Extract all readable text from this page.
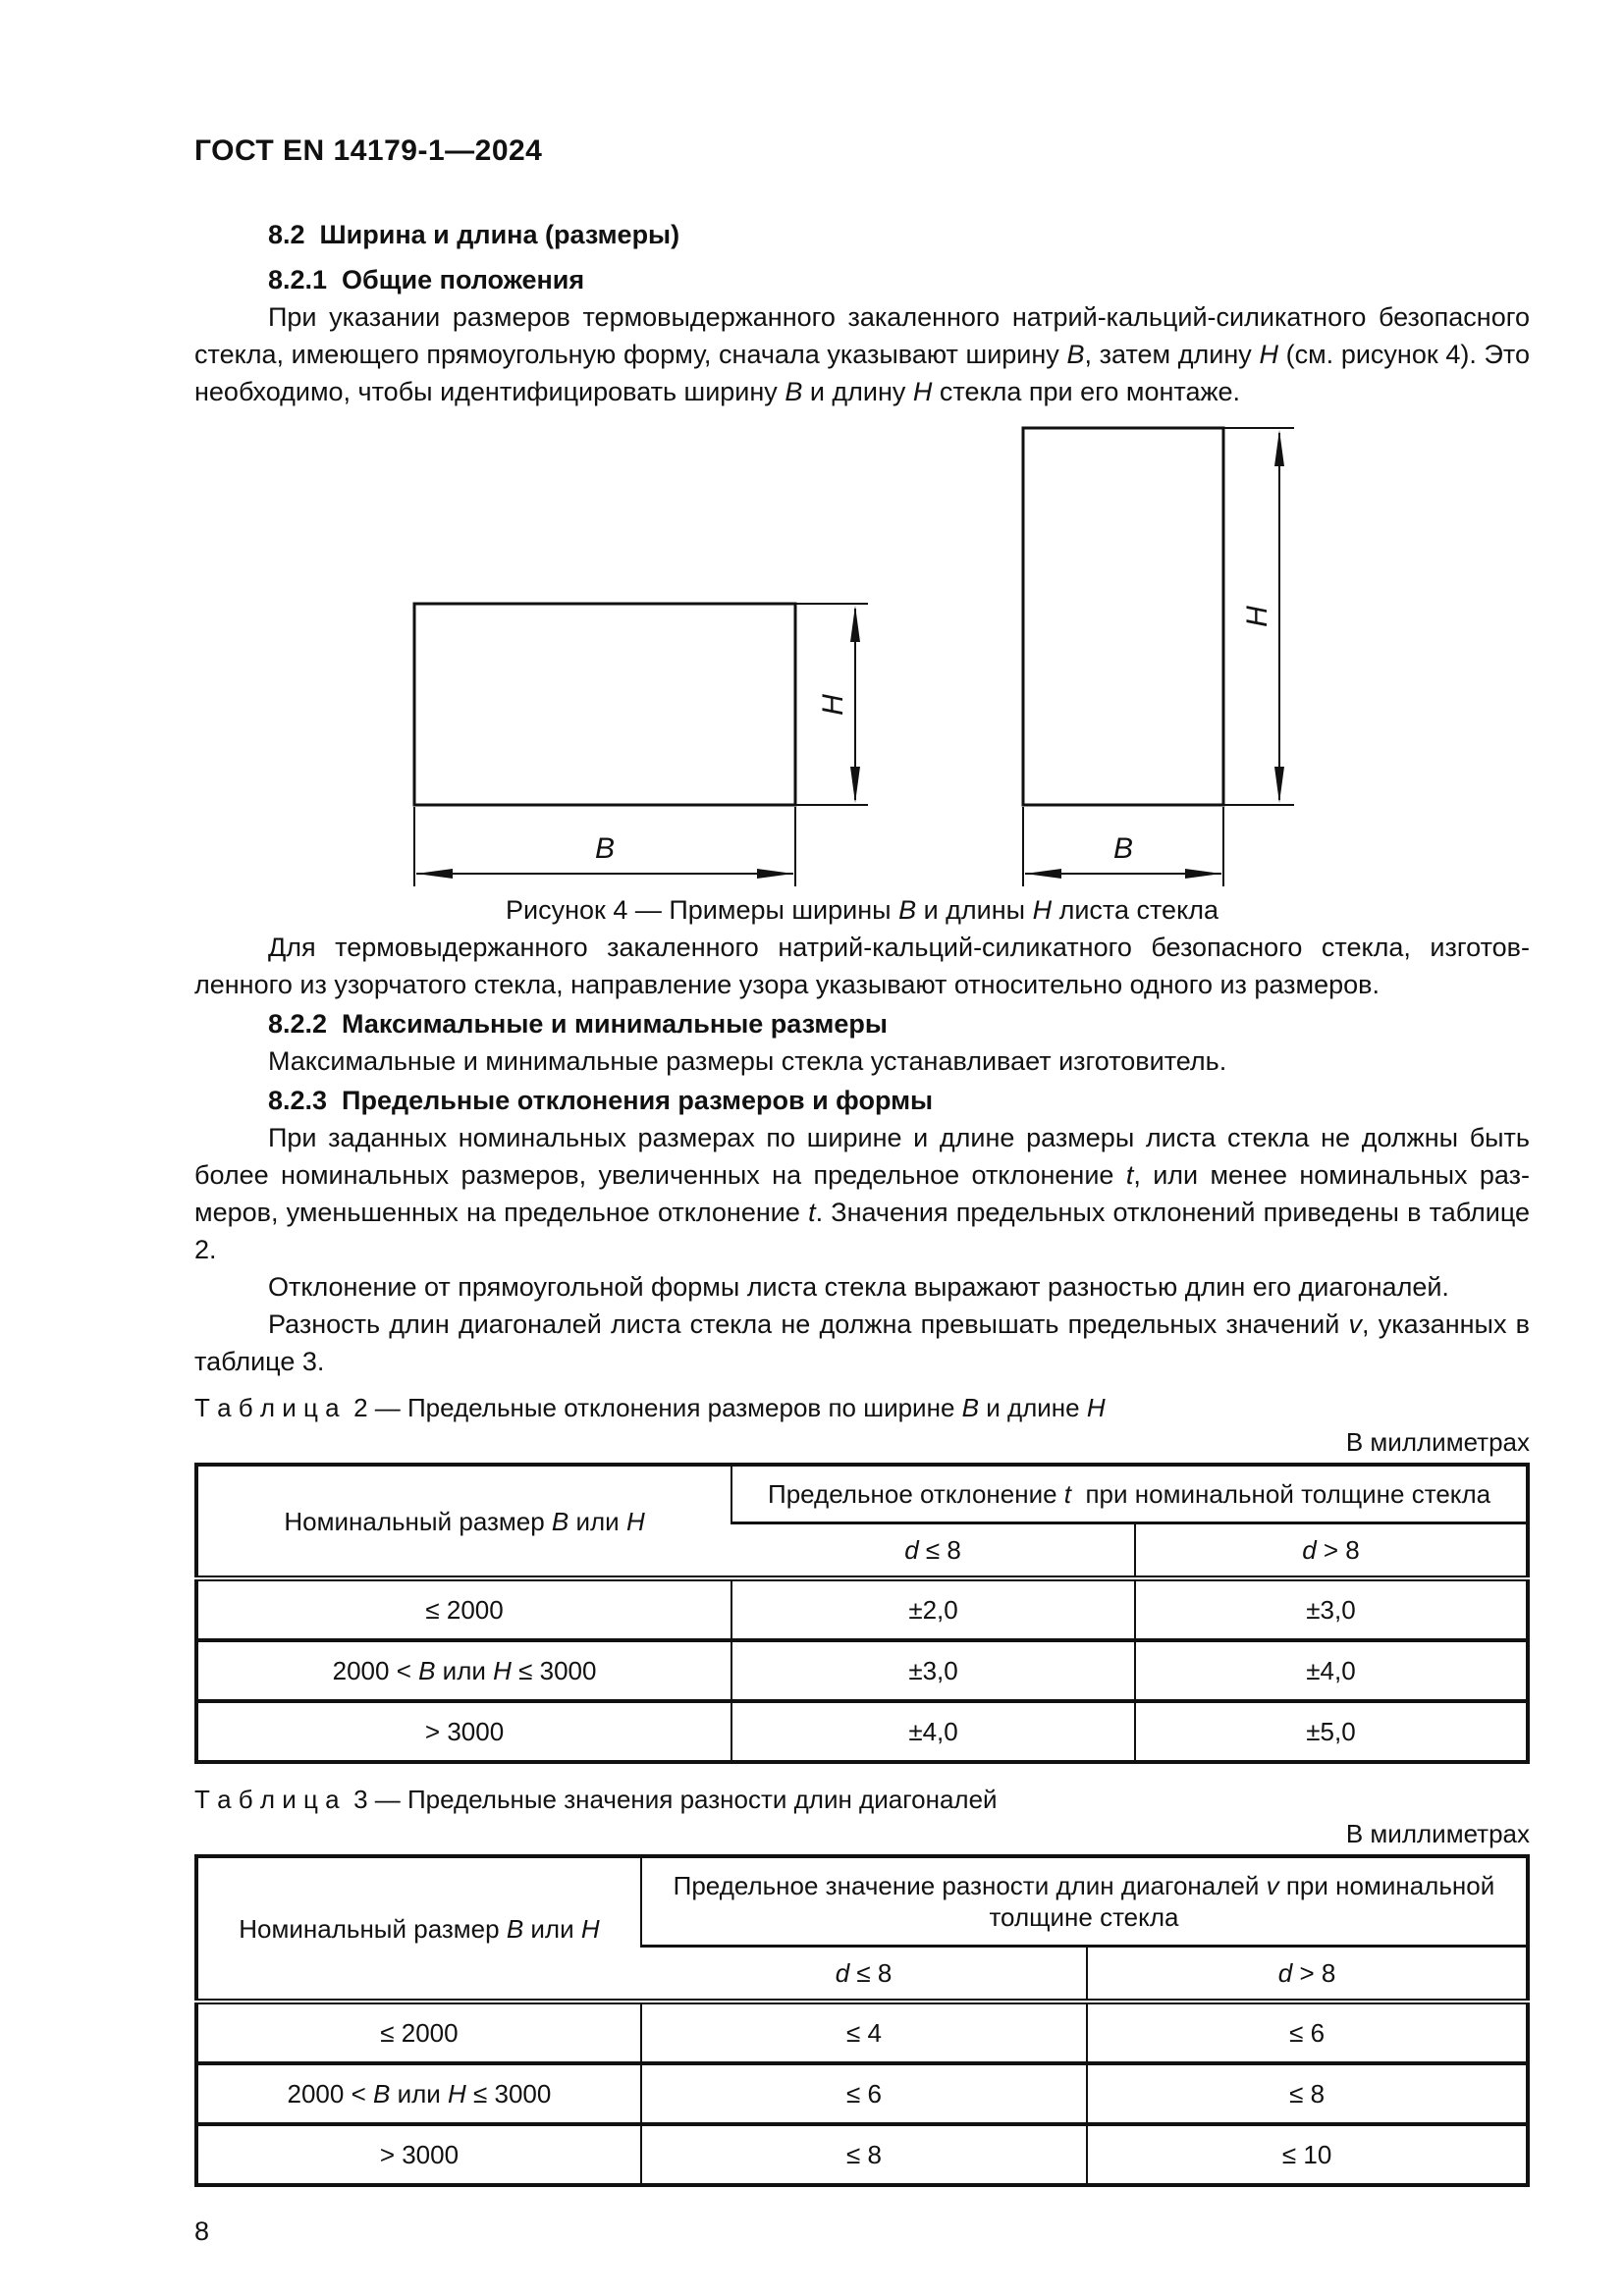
ГОСТ EN 14179-1—2024
8.2  Ширина и длина (размеры)
8.2.1  Общие положения

При указании размеров термовыдержанного закаленного натрий-кальций-силикатного безопасного стекла, имеющего прямоугольную форму, сначала указывают ширину В, затем длину Н (см. рисунок 4). Это необходимо, чтобы идентифицировать ширину В и длину Н стекла при его монтаже.

H
B
H
B
Рисунок 4 — Примеры ширины В и длины Н листа стекла

Для термовыдержанного закаленного натрий-кальций-силикатного безопасного стекла, изготовленного из узорчатого стекла, направление узора указывают относительно одного из размеров.

8.2.2  Максимальные и минимальные размеры

Максимальные и минимальные размеры стекла устанавливает изготовитель.

8.2.3  Предельные отклонения размеров и формы

При заданных номинальных размерах по ширине и длине размеры листа стекла не должны быть более номинальных размеров, увеличенных на предельное отклонение t, или менее номинальных размеров, уменьшенных на предельное отклонение t. Значения предельных отклонений приведены в таблице 2.

Отклонение от прямоугольной формы листа стекла выражают разностью длин его диагоналей.

Разность длин диагоналей листа стекла не должна превышать предельных значений v, указанных в таблице 3.

Т а б л и ц а  2 — Предельные отклонения размеров по ширине В и длине Н
В миллиметрах
Номинальный размер В или Н	Предельное отклонение t  при номинальной толщине стекла	
	d ≤ 8	d > 8
≤ 2000	±2,0	±3,0
2000 < В или Н ≤ 3000	±3,0	±4,0
> 3000	±4,0	±5,0
Т а б л и ц а  3 — Предельные значения разности длин диагоналей
В миллиметрах
Номинальный размер В или Н	Предельное значение разности длин диагоналей v при номинальной толщине стекла	
	d ≤ 8	d > 8
≤ 2000	≤ 4	≤ 6
2000 < В или Н ≤ 3000	≤ 6	≤ 8
> 3000	≤ 8	≤ 10
8
